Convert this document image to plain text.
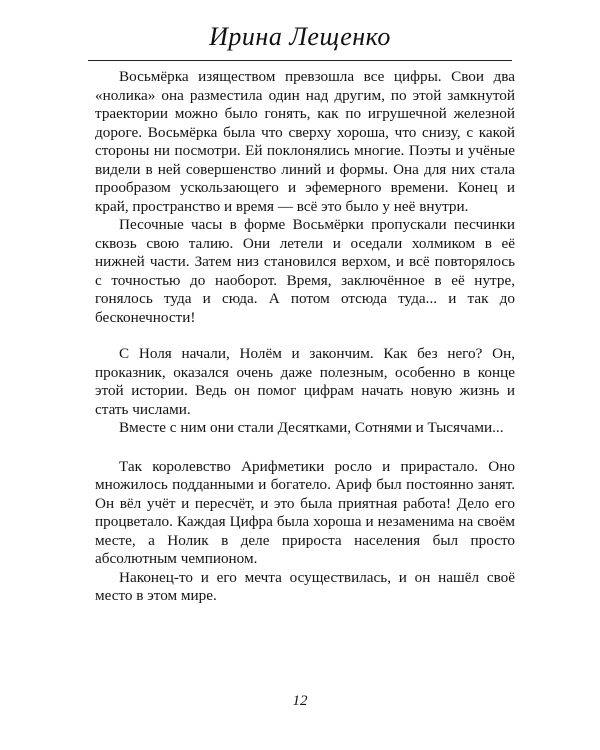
Ирина Лещенко

Восьмёрка изяществом превзошла все цифры. Свои два «нолика» она разместила один над другим, по этой замкнутой траектории можно было гонять, как по игрушечной железной дороге. Восьмёрка была что сверху хороша, что снизу, с какой стороны ни посмотри. Ей поклонялись многие. Поэты и учёные видели в ней совершенство линий и формы. Она для них стала прообразом ускользающего и эфемерного времени. Конец и край, пространство и время — всё это было у неё внутри.

Песочные часы в форме Восьмёрки пропускали песчинки сквозь свою талию. Они летели и оседали холмиком в её нижней части. Затем низ становился верхом, и всё повторялось с точностью до наоборот. Время, заключённое в её нутре, гонялось туда и сюда. А потом отсюда туда... и так до бесконечности!

С Ноля начали, Нолём и закончим. Как без него? Он, проказник, оказался очень даже полезным, особенно в конце этой истории. Ведь он помог цифрам начать новую жизнь и стать числами.

Вместе с ним они стали Десятками, Сотнями и Тысячами...

Так королевство Арифметики росло и прирастало. Оно множилось подданными и богатело. Ариф был постоянно занят. Он вёл учёт и пересчёт, и это была приятная работа! Дело его процветало. Каждая Цифра была хороша и незаменима на своём месте, а Нолик в деле прироста населения был просто абсолютным чемпионом.

Наконец-то и его мечта осуществилась, и он нашёл своё место в этом мире.

12
